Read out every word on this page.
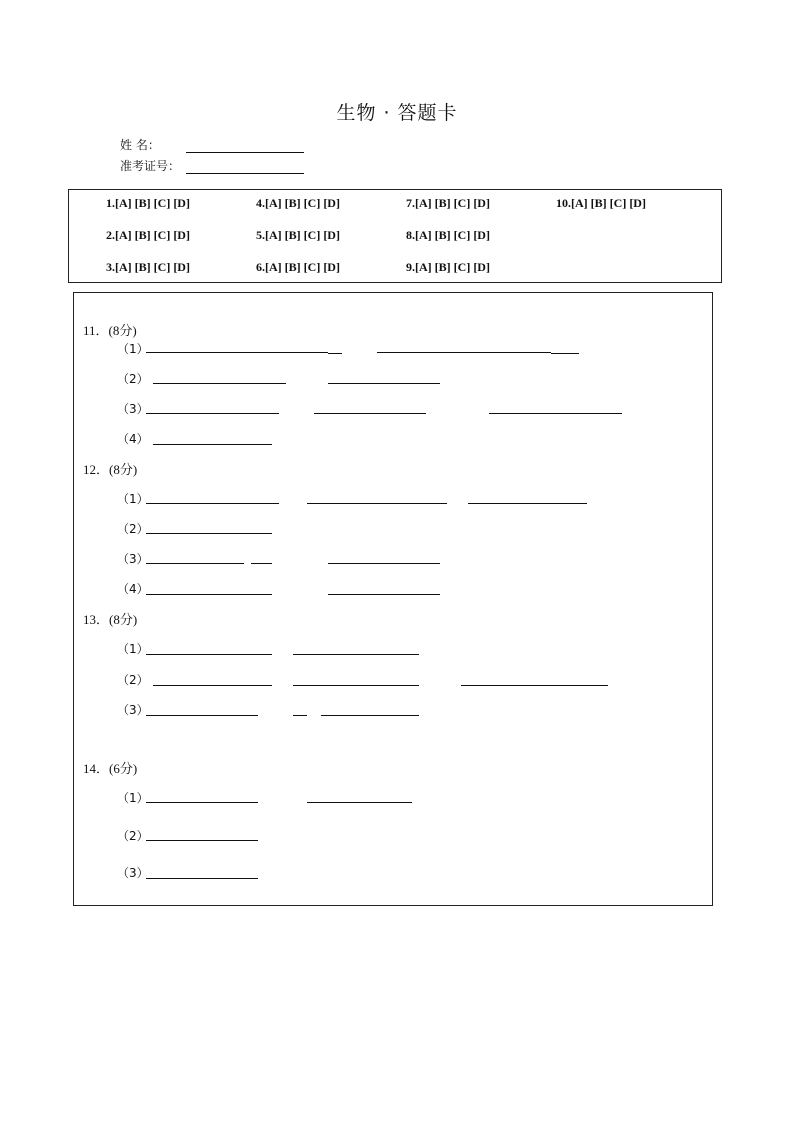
生物 · 答题卡
姓 名：
准考证号：
1.[A] [B] [C] [D]	4.[A] [B] [C] [D]	7.[A] [B] [C] [D]	10.[A] [B] [C] [D]
2.[A] [B] [C] [D]	5.[A] [B] [C] [D]	8.[A] [B] [C] [D]
3.[A] [B] [C] [D]	6.[A] [B] [C] [D]	9.[A] [B] [C] [D]
11．(8分)
（1）
（2）
（3）
（4）
12．(8分)
（1）
（2）
（3）
（4）
13．(8分)
（1）
（2）
（3）
14．(6分)
（1）
（2）
（3）
